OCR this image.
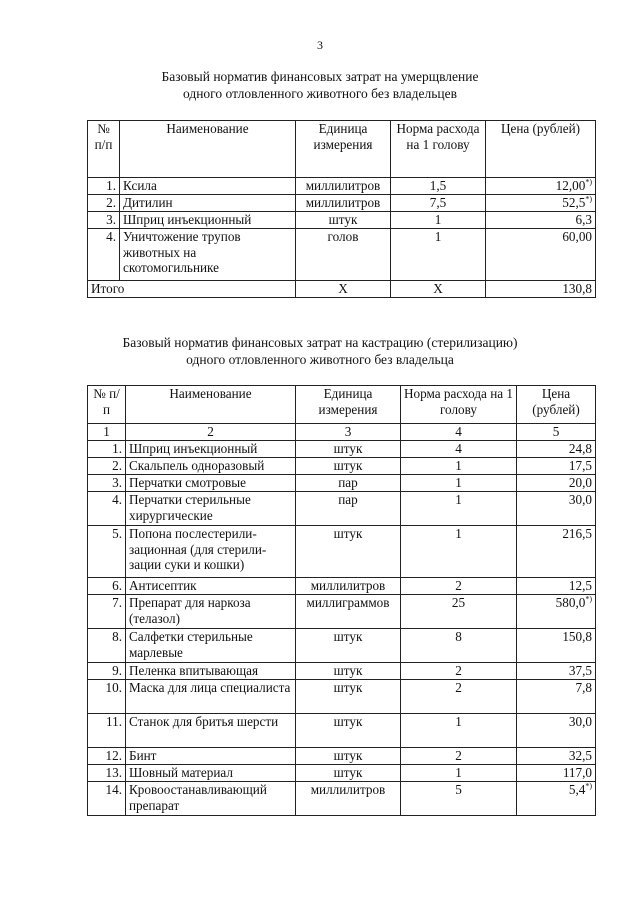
3
Базовый норматив финансовых затрат на умерщвление
одного отловленного животного без владельцев
№ п/п	Наименование	Единица измерения	Норма расхода на 1 голову	Цена (рублей)
1.	Ксила	миллилитров	1,5	12,00*)
2.	Дитилин	миллилитров	7,5	52,5*)
3.	Шприц инъекционный	штук	1	6,3
4.	Уничтожение трупов животных на скотомогильнике	голов	1	60,00
Итого		Х	Х	130,8
Базовый норматив финансовых затрат на кастрацию (стерилизацию)
одного отловленного животного без владельца
№ п/п	Наименование	Единица измерения	Норма расхода на 1 голову	Цена (рублей)
1	2	3	4	5
1.	Шприц инъекционный	штук	4	24,8
2.	Скальпель одноразовый	штук	1	17,5
3.	Перчатки смотровые	пар	1	20,0
4.	Перчатки стерильные хирургические	пар	1	30,0
5.	Попона послестерили-зационная (для стерили-зации суки и кошки)	штук	1	216,5
6.	Антисептик	миллилитров	2	12,5
7.	Препарат для наркоза (телазол)	миллиграммов	25	580,0*)
8.	Салфетки стерильные марлевые	штук	8	150,8
9.	Пеленка впитывающая	штук	2	37,5
10.	Маска для лица специалиста	штук	2	7,8
11.	Станок для бритья шерсти	штук	1	30,0
12.	Бинт	штук	2	32,5
13.	Шовный материал	штук	1	117,0
14.	Кровоостанавливающий препарат	миллилитров	5	5,4*)
